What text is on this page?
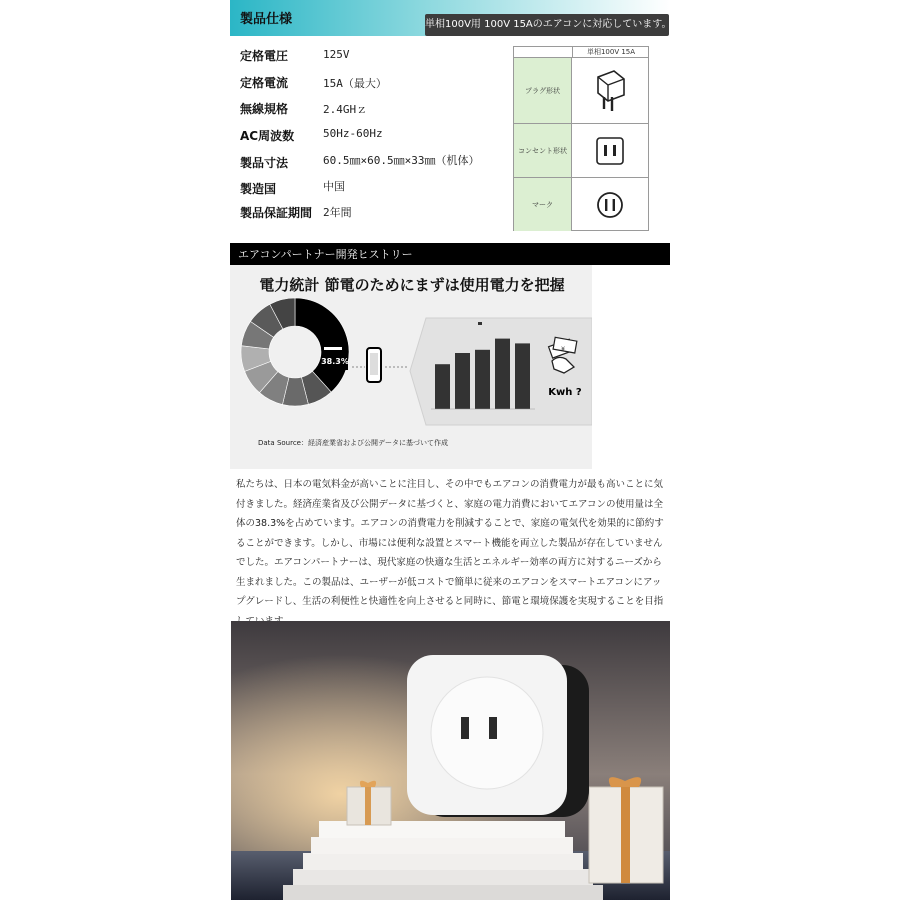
製品仕様	単相100V用 100V 15Aのエアコンに対応しています。
定格電圧	125V
定格電流	15A（最大）
無線規格	2.4GHｚ
AC周波数	50Hz-60Hz
製品寸法	60.5㎜×60.5㎜×33㎜（机体）
製造国	中国
製品保証期間 2年間
単相100V 15A
プラグ形状
コンセント形状
マーク
エアコンパートナー開発ヒストリー
電力統計 節電のためにまずは使用電力を把握
38.3%
¥
Kwh ?
Data Source：経済産業省および公開データに基づいて作成

私たちは、日本の電気料金が高いことに注目し、その中でもエアコンの消費電力が最も高いことに気付きました。経済産業省及び公開データに基づくと、家庭の電力消費においてエアコンの使用量は全体の38.3%を占めています。エアコンの消費電力を削減することで、家庭の電気代を効果的に節約することができます。しかし、市場には便利な設置とスマート機能を両立した製品が存在していませんでした。エアコンパートナーは、現代家庭の快適な生活とエネルギー効率の両方に対するニーズから生まれました。この製品は、ユーザーが低コストで簡単に従来のエアコンをスマートエアコンにアップグレードし、生活の利便性と快適性を向上させると同時に、節電と環境保護を実現することを目指
